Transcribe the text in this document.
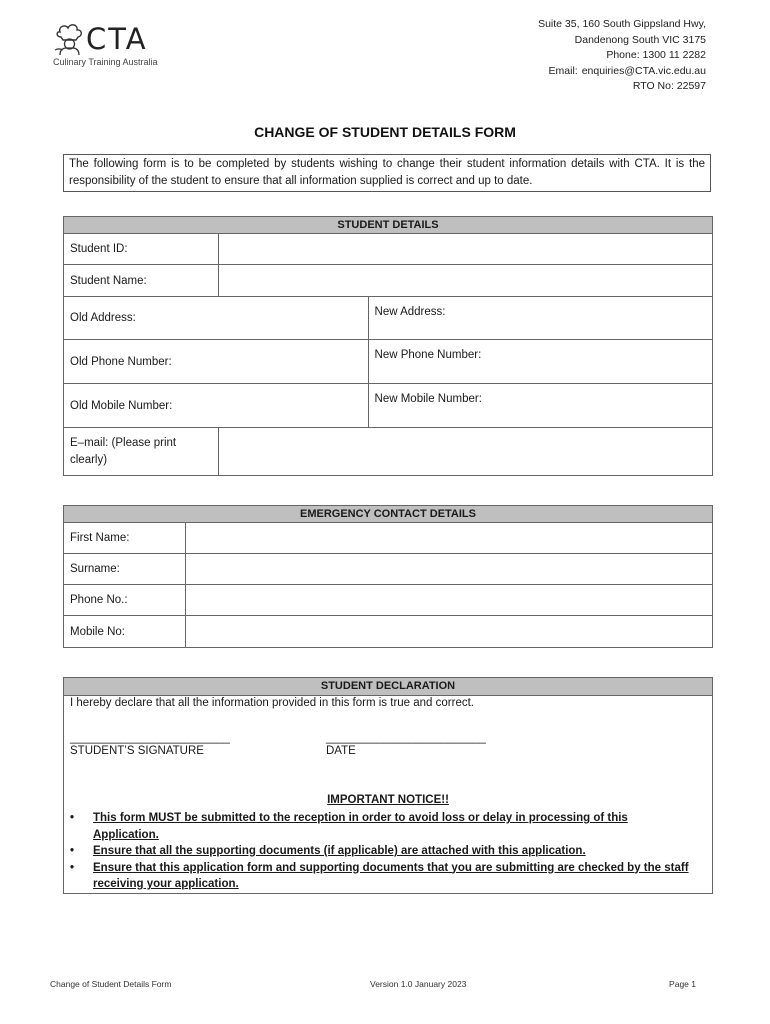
CTA
Culinary Training Australia
Suite 35, 160 South Gippsland Hwy,
Dandenong South VIC 3175
Phone: 1300 11 2282
Email: enquiries@CTA.vic.edu.au
RTO No: 22597
CHANGE OF STUDENT DETAILS FORM
The following form is to be completed by students wishing to change their student information details with CTA. It is the responsibility of the student to ensure that all information supplied is correct and up to date.
STUDENT DETAILS		
Student ID:		
Student Name:		
Old Address:		New Address:
Old Phone Number:		New Phone Number:
Old Mobile Number:		New Mobile Number:
E–mail: (Please print clearly)		
EMERGENCY CONTACT DETAILS	
First Name:	
Surname:	
Phone No.:	
Mobile No:	
STUDENT DECLARATION
I hereby declare that all the information provided in this form is true and correct.
_________________________	_________________________
STUDENT’S SIGNATURE	DATE
IMPORTANT NOTICE!!
• This form MUST be submitted to the reception in order to avoid loss or delay in processing of this Application.
• Ensure that all the supporting documents (if applicable) are attached with this application.
• Ensure that this application form and supporting documents that you are submitting are checked by the staff receiving your application.
Change of Student Details Form	Version 1.0 January 2023	Page 1
